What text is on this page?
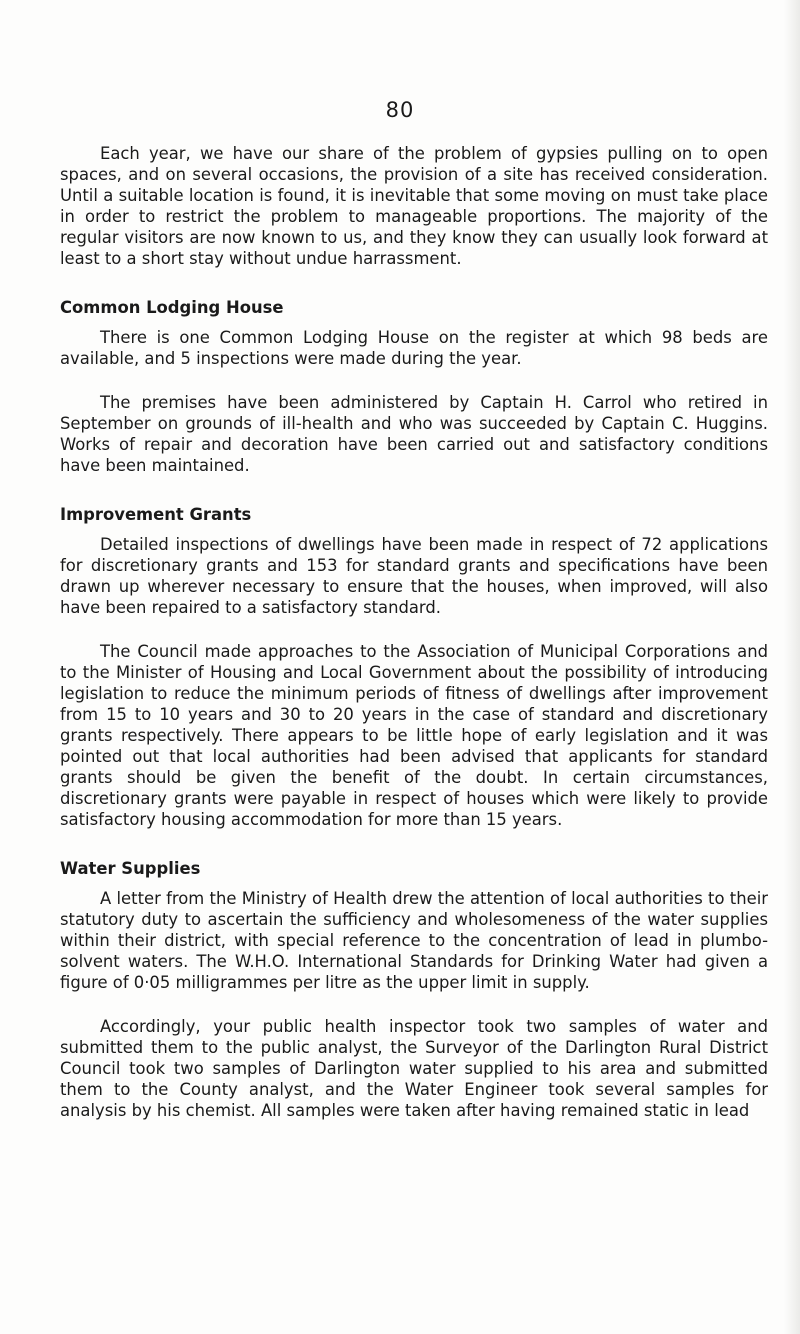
80

Each year, we have our share of the problem of gypsies pulling on to open spaces, and on several occasions, the provision of a site has received consideration. Until a suitable location is found, it is inevitable that some moving on must take place in order to restrict the problem to manageable proportions. The majority of the regular visitors are now known to us, and they know they can usually look forward at least to a short stay without undue harrassment.

Common Lodging House

There is one Common Lodging House on the register at which 98 beds are available, and 5 inspections were made during the year.

The premises have been administered by Captain H. Carrol who retired in September on grounds of ill-health and who was succeeded by Captain C. Huggins. Works of repair and decoration have been carried out and satisfactory conditions have been maintained.

Improvement Grants

Detailed inspections of dwellings have been made in respect of 72 applications for discretionary grants and 153 for standard grants and specifications have been drawn up wherever necessary to ensure that the houses, when improved, will also have been repaired to a satisfactory standard.

The Council made approaches to the Association of Municipal Corporations and to the Minister of Housing and Local Government about the possibility of introducing legislation to reduce the minimum periods of fitness of dwellings after improvement from 15 to 10 years and 30 to 20 years in the case of standard and discretionary grants respectively. There appears to be little hope of early legislation and it was pointed out that local authorities had been advised that applicants for standard grants should be given the benefit of the doubt. In certain circumstances, discretionary grants were payable in respect of houses which were likely to provide satisfactory housing accommodation for more than 15 years.

Water Supplies

A letter from the Ministry of Health drew the attention of local authorities to their statutory duty to ascertain the sufficiency and wholesomeness of the water supplies within their district, with special reference to the concentration of lead in plumbo-solvent waters. The W.H.O. International Standards for Drinking Water had given a figure of 0·05 milligrammes per litre as the upper limit in supply.

Accordingly, your public health inspector took two samples of water and submitted them to the public analyst, the Surveyor of the Darlington Rural District Council took two samples of Darlington water supplied to his area and submitted them to the County analyst, and the Water Engineer took several samples for analysis by his chemist. All samples were taken after having remained static in lead
